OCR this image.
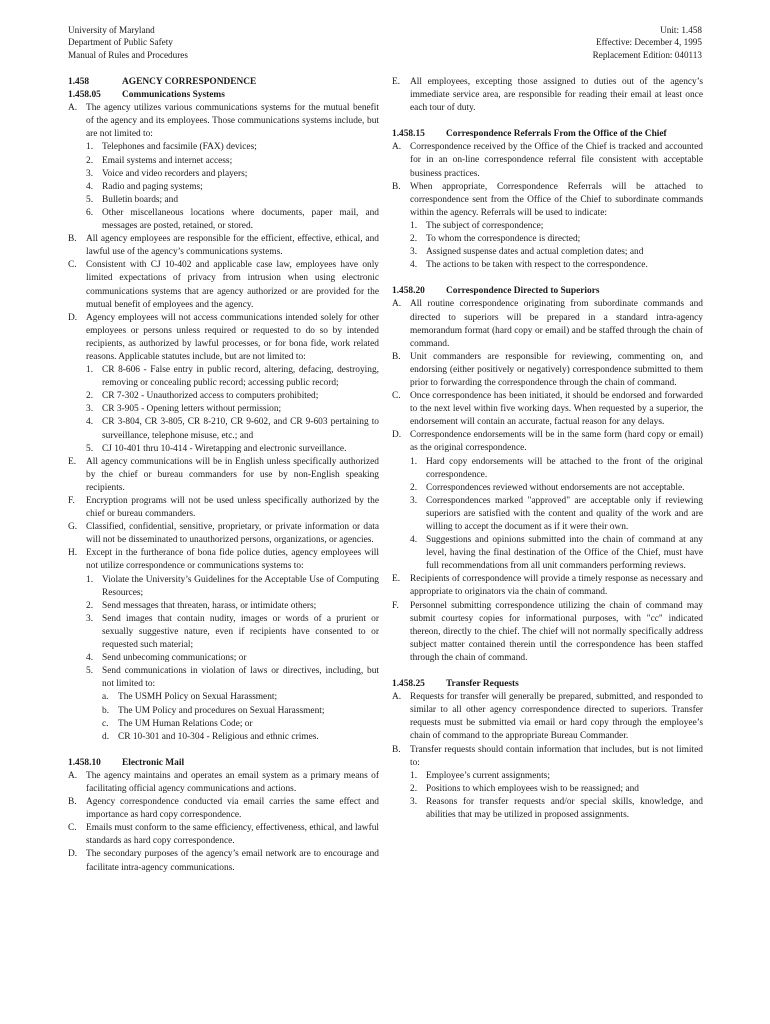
University of Maryland
Department of Public Safety
Manual of Rules and Procedures
Unit: 1.458
Effective: December 4, 1995
Replacement Edition: 040113
1.458	AGENCY CORRESPONDENCE
1.458.05 Communications Systems
A. The agency utilizes various communications systems for the mutual benefit of the agency and its employees. Those communications systems include, but are not limited to:
1. Telephones and facsimile (FAX) devices;
2. Email systems and internet access;
3. Voice and video recorders and players;
4. Radio and paging systems;
5. Bulletin boards; and
6. Other miscellaneous locations where documents, paper mail, and messages are posted, retained, or stored.
B. All agency employees are responsible for the efficient, effective, ethical, and lawful use of the agency’s communications systems.
C. Consistent with CJ 10-402 and applicable case law, employees have only limited expectations of privacy from intrusion when using electronic communications systems that are agency authorized or are provided for the mutual benefit of employees and the agency.
D. Agency employees will not access communications intended solely for other employees or persons unless required or requested to do so by intended recipients, as authorized by lawful processes, or for bona fide, work related reasons. Applicable statutes include, but are not limited to:
1. CR 8-606 - False entry in public record, altering, defacing, destroying, removing or concealing public record; accessing public record;
2. CR 7-302 - Unauthorized access to computers prohibited;
3. CR 3-905 - Opening letters without permission;
4. CR 3-804, CR 3-805, CR 8-210, CR 9-602, and CR 9-603 pertaining to surveillance, telephone misuse, etc.; and
5. CJ 10-401 thru 10-414 - Wiretapping and electronic surveillance.
E.	All agency communications will be in English unless specifically authorized by the chief or bureau commanders for use by non-English speaking recipients.
F.	Encryption programs will not be used unless specifically authorized by the chief or bureau commanders.
G. Classified, confidential, sensitive, proprietary, or private information or data will not be disseminated to unauthorized persons, organizations, or agencies.
H. Except in the furtherance of bona fide police duties, agency employees will not utilize correspondence or communications systems to:
1. Violate the University’s Guidelines for the Acceptable Use of Computing Resources;
2. Send messages that threaten, harass, or intimidate others;
3. Send images that contain nudity, images or words of a prurient or sexually suggestive nature, even if recipients have consented to or requested such material;
4. Send unbecoming communications; or
5. Send communications in violation of laws or directives, including, but not limited to:
a.	The USMH Policy on Sexual Harassment;
b. The UM Policy and procedures on Sexual Harassment;
c.	The UM Human Relations Code; or
d. CR 10-301 and 10-304 - Religious and ethnic crimes.
1.458.10 Electronic Mail
A. The agency maintains and operates an email system as a primary means of facilitating official agency communications and actions.
B. Agency correspondence conducted via email carries the same effect and importance as hard copy correspondence.
C. Emails must conform to the same efficiency, effectiveness, ethical, and lawful standards as hard copy correspondence.
D. The secondary purposes of the agency’s email network are to encourage and facilitate intra-agency communications.
E.	All employees, excepting those assigned to duties out of the agency’s immediate service area, are responsible for reading their email at least once each tour of duty.
1.458.15	Correspondence Referrals From the Office of the Chief
A. Correspondence received by the Office of the Chief is tracked and accounted for in an on-line correspondence referral file consistent with acceptable business practices.
B. When appropriate, Correspondence Referrals will be attached to correspondence sent from the Office of the Chief to subordinate commands within the agency. Referrals will be used to indicate:
1. The subject of correspondence;
2. To whom the correspondence is directed;
3. Assigned suspense dates and actual completion dates; and
4. The actions to be taken with respect to the correspondence.
1.458.20 Correspondence Directed to Superiors
A. All routine correspondence originating from subordinate commands and directed to superiors will be prepared in a standard intra-agency memorandum format (hard copy or email) and be staffed through the chain of command.
B. Unit commanders are responsible for reviewing, commenting on, and endorsing (either positively or negatively) correspondence submitted to them prior to forwarding the correspondence through the chain of command.
C. Once correspondence has been initiated, it should be endorsed and forwarded to the next level within five working days. When requested by a superior, the endorsement will contain an accurate, factual reason for any delays.
D. Correspondence endorsements will be in the same form (hard copy or email) as the original correspondence.
1. Hard copy endorsements will be attached to the front of the original correspondence.
2. Correspondences reviewed without endorsements are not acceptable.
3. Correspondences marked "approved" are acceptable only if reviewing superiors are satisfied with the content and quality of the work and are willing to accept the document as if it were their own.
4. Suggestions and opinions submitted into the chain of command at any level, having the final destination of the Office of the Chief, must have full recommendations from all unit commanders performing reviews.
E.	Recipients of correspondence will provide a timely response as necessary and appropriate to originators via the chain of command.
F.	Personnel submitting correspondence utilizing the chain of command may submit courtesy copies for informational purposes, with "cc" indicated thereon, directly to the chief. The chief will not normally specifically address subject matter contained therein until the correspondence has been staffed through the chain of command.
1.458.25 Transfer Requests
A. Requests for transfer will generally be prepared, submitted, and responded to similar to all other agency correspondence directed to superiors. Transfer requests must be submitted via email or hard copy through the employee’s chain of command to the appropriate Bureau Commander.
B. Transfer requests should contain information that includes, but is not limited to:
1. Employee’s current assignments;
2. Positions to which employees wish to be reassigned; and
3. Reasons for transfer requests and/or special skills, knowledge, and abilities that may be utilized in proposed assignments.
